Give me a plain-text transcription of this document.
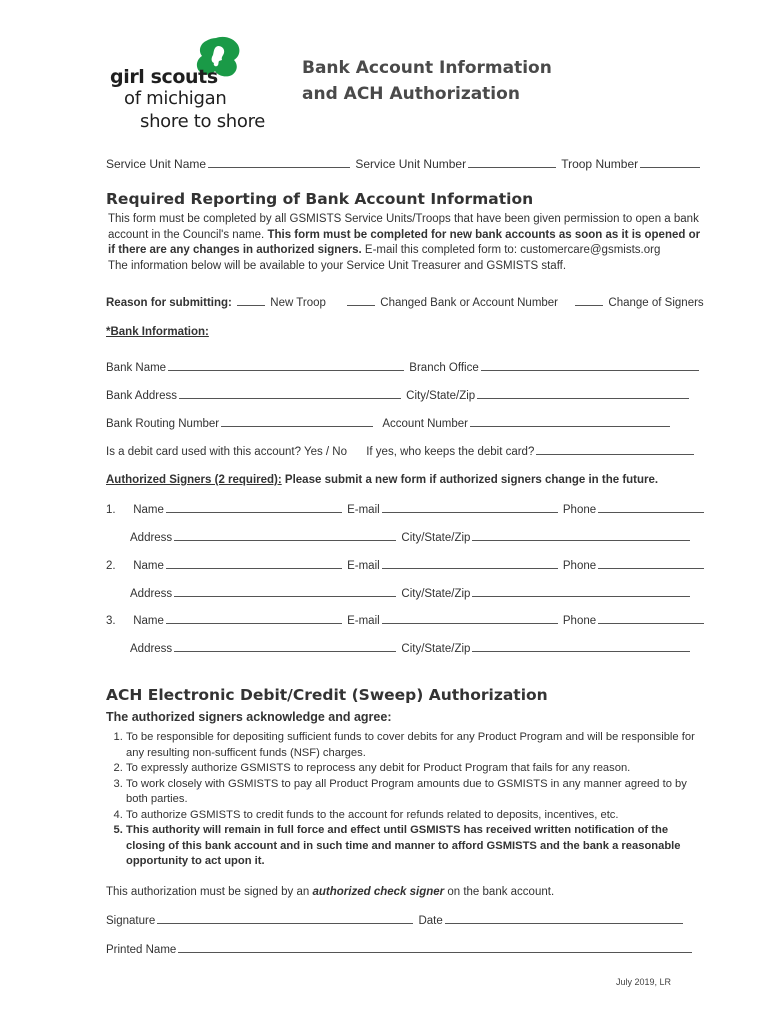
girl scouts
of michigan
shore to shore
Bank Account Information
and ACH Authorization
Service Unit Name	Service Unit Number	Troop Number
Required Reporting of Bank Account Information
This form must be completed by all GSMISTS Service Units/Troops that have been given permission to open a bank account in the Council's name. This form must be completed for new bank accounts as soon as it is opened or if there are any changes in authorized signers. E-mail this completed form to: customercare@gsmists.org
The information below will be available to your Service Unit Treasurer and GSMISTS staff.
Reason for submitting:	New Troop	Changed Bank or Account Number	Change of Signers
*Bank Information:
Bank Name	Branch Office
Bank Address	City/State/Zip
Bank Routing Number	Account Number
Is a debit card used with this account? Yes / No If yes, who keeps the debit card?
Authorized Signers (2 required): Please submit a new form if authorized signers change in the future.
1. Name	E-mail	Phone
Address	City/State/Zip
2. Name	E-mail	Phone
Address	City/State/Zip
3. Name	E-mail	Phone
Address	City/State/Zip
ACH Electronic Debit/Credit (Sweep) Authorization
The authorized signers acknowledge and agree:
1. To be responsible for depositing sufficient funds to cover debits for any Product Program and will be responsible for any resulting non-sufficent funds (NSF) charges.
2. To expressly authorize GSMISTS to reprocess any debit for Product Program that fails for any reason.
3. To work closely with GSMISTS to pay all Product Program amounts due to GSMISTS in any manner agreed to by both parties.
4. To authorize GSMISTS to credit funds to the account for refunds related to deposits, incentives, etc.
5. This authority will remain in full force and effect until GSMISTS has received written notification of the closing of this bank account and in such time and manner to afford GSMISTS and the bank a reasonable opportunity to act upon it.
This authorization must be signed by an authorized check signer on the bank account.
Signature	Date
Printed Name
July 2019, LR
